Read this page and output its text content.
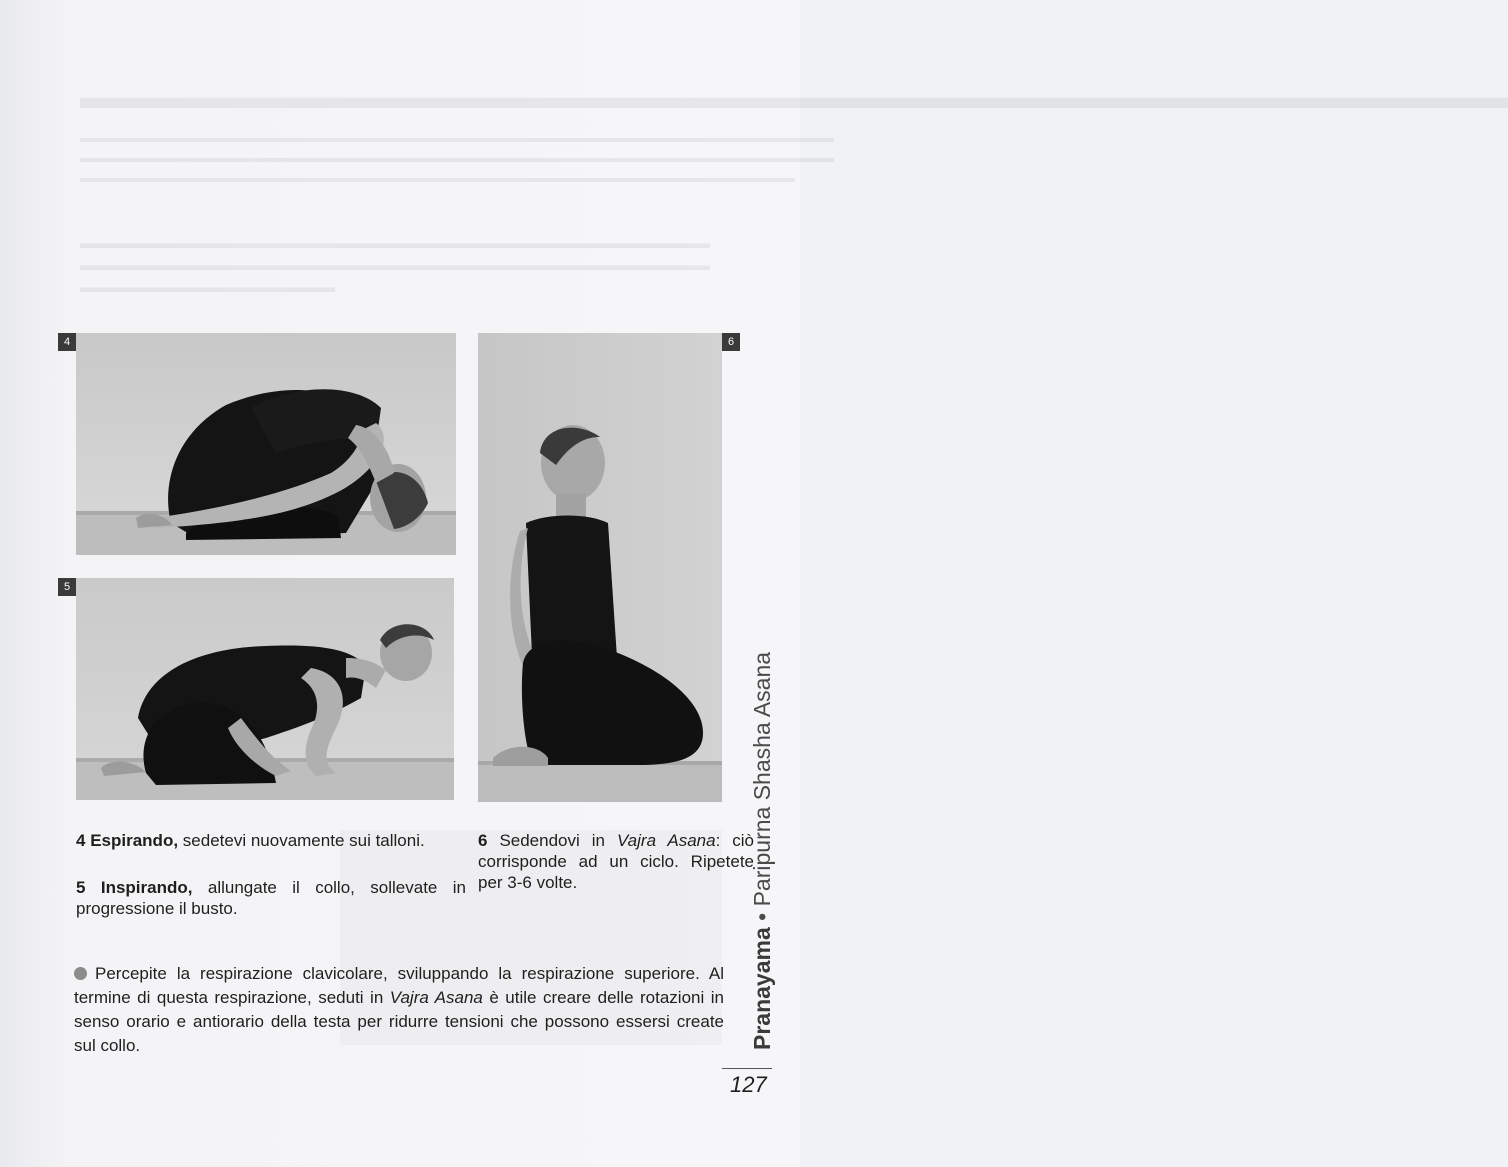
▬▬▬▬▬▬▬▬▬▬▬▬▬▬▬▬▬▬▬▬▬▬▬▬▬▬▬▬▬▬▬▬▬▬▬▬▬▬▬▬▬▬
▬▬▬▬▬▬▬▬▬▬▬▬▬▬▬▬▬▬▬▬▬▬▬▬▬▬▬▬▬▬▬▬▬▬▬▬▬▬▬▬▬▬▬▬▬▬▬▬▬▬▬▬▬▬▬▬▬▬
▬▬▬▬▬▬▬▬▬▬▬▬▬▬▬▬▬▬▬▬▬▬▬▬▬▬▬▬▬▬▬▬▬▬▬▬▬▬▬▬▬▬▬▬▬▬▬▬▬▬▬▬▬▬▬▬▬▬
▬▬▬▬▬▬▬▬▬▬▬▬▬▬▬▬▬▬▬▬▬▬▬▬▬▬▬▬▬▬▬▬▬▬▬▬▬▬▬▬▬▬▬▬▬▬▬▬▬▬▬▬▬▬▬
▬▬▬▬▬▬▬▬▬▬▬▬▬▬▬▬▬▬▬▬▬▬▬▬▬▬▬▬▬▬▬▬▬▬▬▬▬▬▬▬▬▬
▬▬▬▬▬▬▬▬▬▬▬▬▬▬▬▬▬▬▬▬▬▬▬▬▬▬▬▬▬▬▬▬▬▬▬▬▬▬▬▬▬▬
▬▬▬▬▬▬▬▬▬▬▬▬▬▬▬▬▬
4
5
6
4 Espirando, sedetevi nuovamente sui talloni.
5 Inspirando, allungate il collo, sollevate in progressione il busto.
6 Sedendovi in Vajra Asana: ciò corrisponde ad un ciclo. Ripetete per 3-6 volte.
Percepite la respirazione clavicolare, sviluppando la respirazione superiore. Al termine di questa respirazione, seduti in Vajra Asana è utile creare delle rotazioni in senso orario e antiorario della testa per ridurre tensioni che possono essersi create sul collo.	Pranayama • Paripurna Shasha Asana
127
